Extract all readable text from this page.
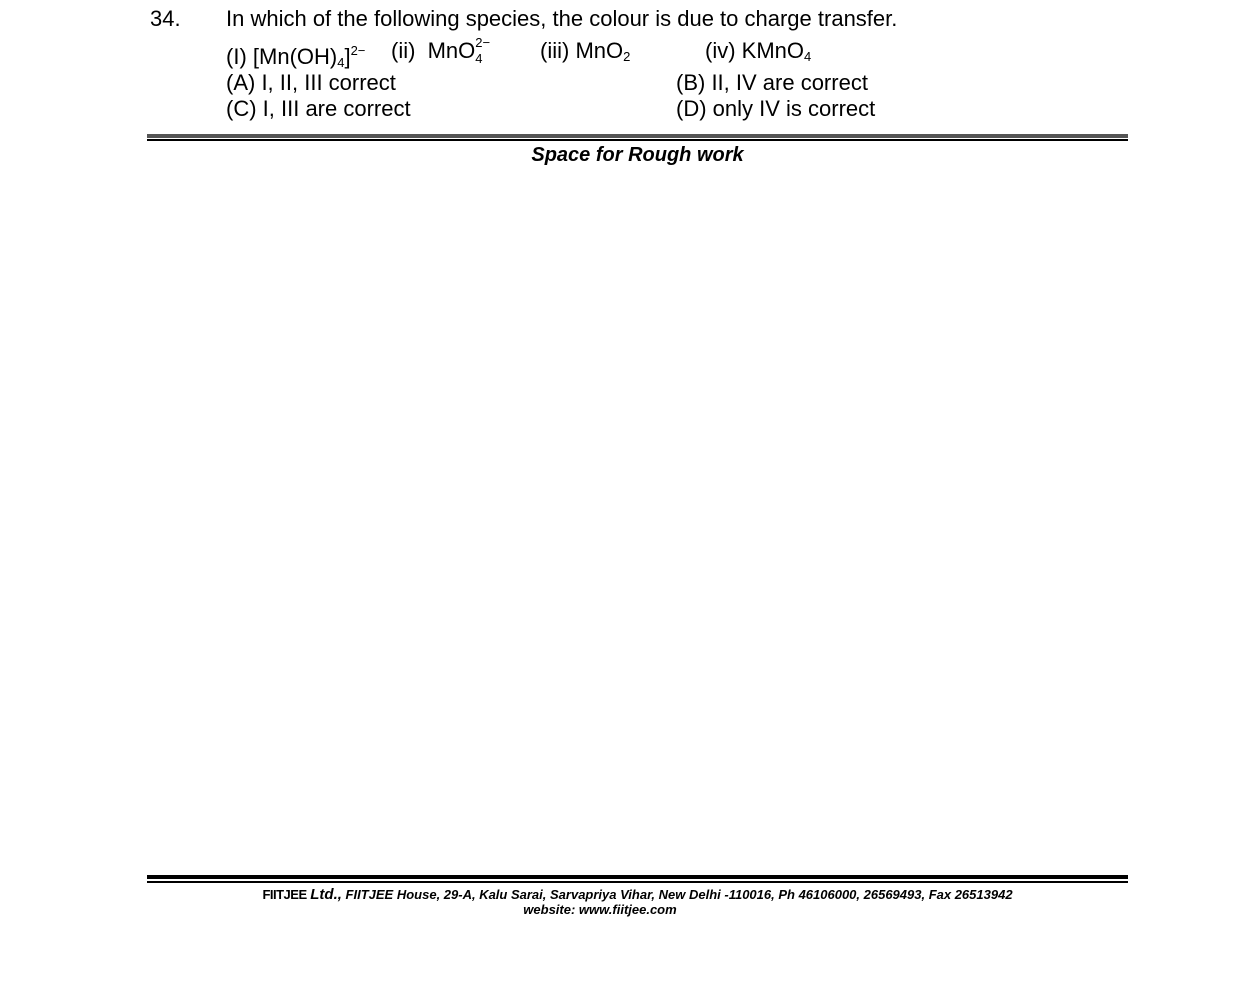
34. In which of the following species, the colour is due to charge transfer.
(I) $[Mn(OH)_4]^{2-}$ (ii) MnO 2−
4	(iii) MnO$_2$	(iv) KMnO$_4$
(A) I, II, III correct	(B) II, IV are correct
(C) I, III are correct	(D) only IV is correct
Space for Rough work
FIITJEE Ltd., FIITJEE House, 29-A, Kalu Sarai, Sarvapriya Vihar, New Delhi -110016, Ph 46106000, 26569493, Fax 26513942
website: www.fiitjee.com
